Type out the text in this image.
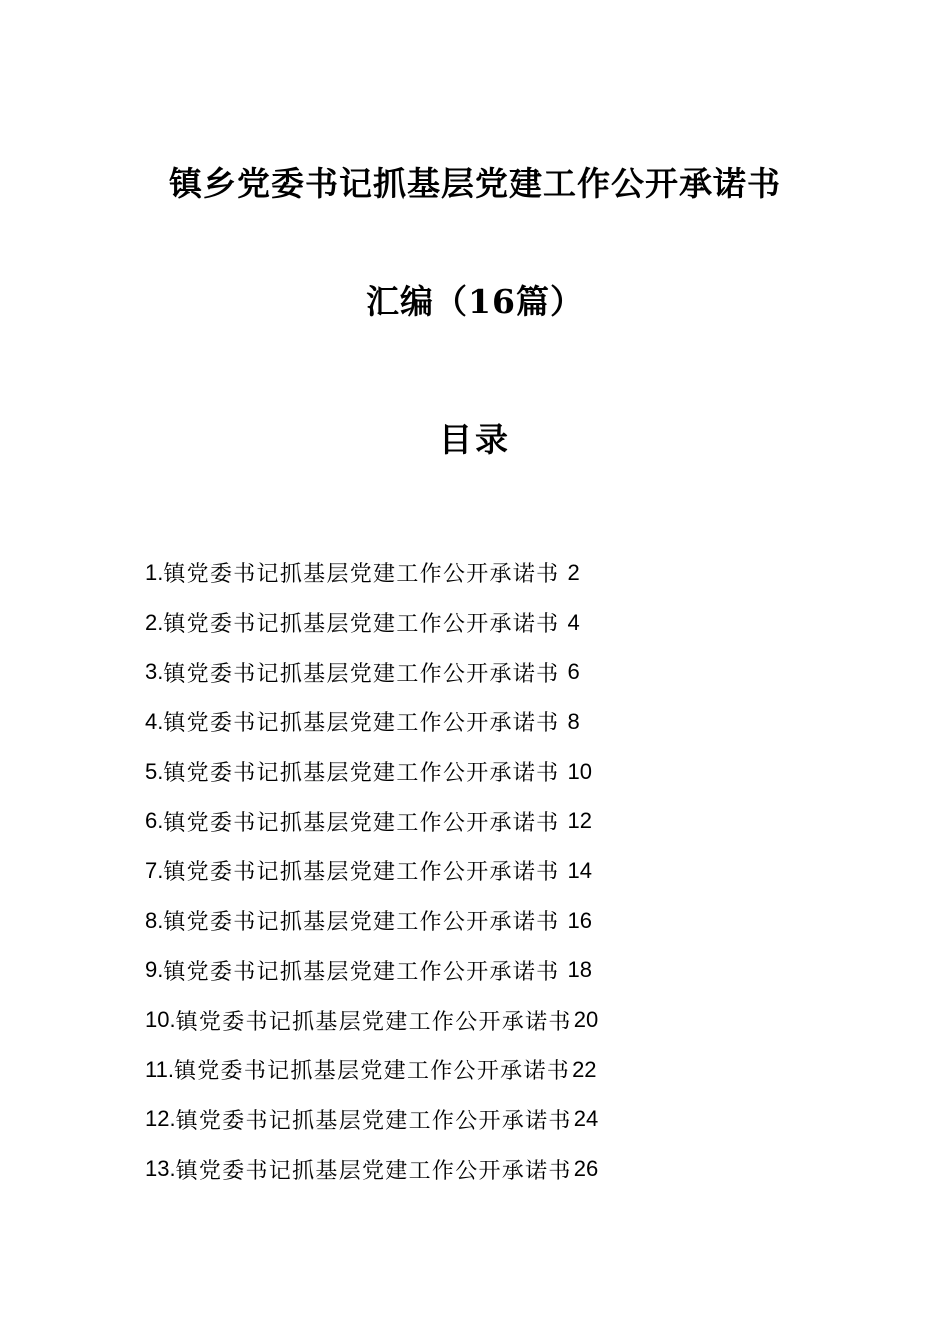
镇乡党委书记抓基层党建工作公开承诺书
汇编（16篇）
目录
1. 镇党委书记抓基层党建工作公开承诺书 2
2. 镇党委书记抓基层党建工作公开承诺书 4
3. 镇党委书记抓基层党建工作公开承诺书 6
4. 镇党委书记抓基层党建工作公开承诺书 8
5. 镇党委书记抓基层党建工作公开承诺书 10
6. 镇党委书记抓基层党建工作公开承诺书 12
7. 镇党委书记抓基层党建工作公开承诺书 14
8. 镇党委书记抓基层党建工作公开承诺书 16
9. 镇党委书记抓基层党建工作公开承诺书 18
10. 镇党委书记抓基层党建工作公开承诺书 20
11. 镇党委书记抓基层党建工作公开承诺书 22
12. 镇党委书记抓基层党建工作公开承诺书 24
13. 镇党委书记抓基层党建工作公开承诺书 26
